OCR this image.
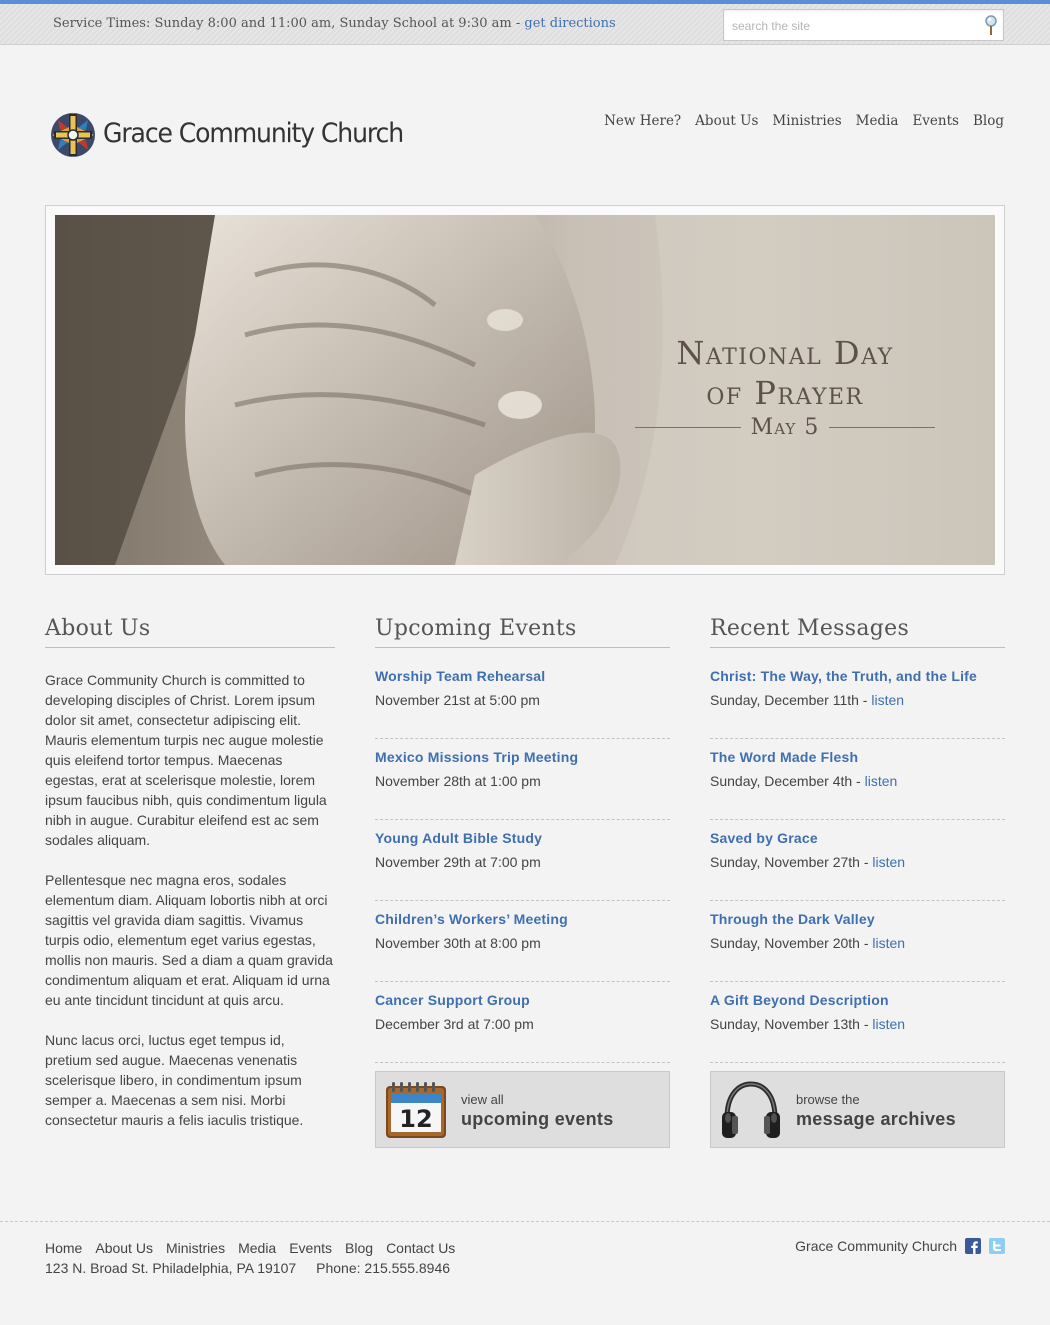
Service Times: Sunday 8:00 and 11:00 am, Sunday School at 9:30 am - get directions
search the site
Grace Community Church	New Here? About Us Ministries Media Events Blog
National Day
of Prayer
May 5
About Us

Grace Community Church is committed to developing disciples of Christ. Lorem ipsum dolor sit amet, consectetur adipiscing elit. Mauris elementum turpis nec augue molestie quis eleifend tortor tempus. Maecenas egestas, erat at scelerisque molestie, lorem ipsum faucibus nibh, quis condimentum ligula nibh in augue. Curabitur eleifend est ac sem sodales aliquam.

Pellentesque nec magna eros, sodales elementum diam. Aliquam lobortis nibh at orci sagittis vel gravida diam sagittis. Vivamus turpis odio, elementum eget varius egestas, mollis non mauris. Sed a diam a quam gravida condimentum aliquam et erat. Aliquam id urna eu ante tincidunt tincidunt at quis arcu.

Nunc lacus orci, luctus eget tempus id, pretium sed augue. Maecenas venenatis scelerisque libero, in condimentum ipsum semper a. Maecenas a sem nisi. Morbi consectetur mauris a felis iaculis tristique.

Upcoming Events
Worship Team Rehearsal
November 21st at 5:00 pm
Mexico Missions Trip Meeting
November 28th at 1:00 pm
Young Adult Bible Study
November 29th at 7:00 pm
Children’s Workers’ Meeting
November 30th at 8:00 pm
Cancer Support Group
December 3rd at 7:00 pm
12
view all
upcoming events
Recent Messages
Christ: The Way, the Truth, and the Life
Sunday, December 11th - listen
The Word Made Flesh
Sunday, December 4th - listen
Saved by Grace
Sunday, November 27th - listen
Through the Dark Valley
Sunday, November 20th - listen
A Gift Beyond Description
Sunday, November 13th - listen
browse the
message archives
Home About Us Ministries Media Events Blog Contact Us
123 N. Broad St. Philadelphia, PA 19107 Phone: 215.555.8946
Grace Community Church
